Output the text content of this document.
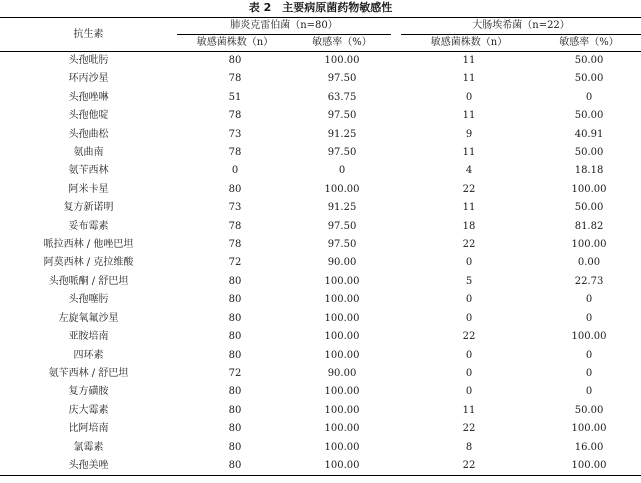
表 2　主要病原菌药物敏感性
抗生素	肺炎克雷伯菌（n=80）			大肠埃希菌（n=22）	
	敏感菌株数（n）	敏感率（%）		敏感菌株数（n）	敏感率（%）
头孢吡肟	80	100.00		11	50.00
环丙沙星	78	97.50		11	50.00
头孢唑啉	51	63.75		0	0
头孢他啶	78	97.50		11	50.00
头孢曲松	73	91.25		9	40.91
氨曲南	78	97.50		11	50.00
氨苄西林	0	0		4	18.18
阿米卡星	80	100.00		22	100.00
复方新诺明	73	91.25		11	50.00
妥布霉素	78	97.50		18	81.82
哌拉西林 / 他唑巴坦	78	97.50		22	100.00
阿莫西林 / 克拉维酸	72	90.00		0	0.00
头孢哌酮 / 舒巴坦	80	100.00		5	22.73
头孢噻肟	80	100.00		0	0
左旋氧氟沙星	80	100.00		0	0
亚胺培南	80	100.00		22	100.00
四环素	80	100.00		0	0
氨苄西林 / 舒巴坦	72	90.00		0	0
复方磺胺	80	100.00		0	0
庆大霉素	80	100.00		11	50.00
比阿培南	80	100.00		22	100.00
氯霉素	80	100.00		8	16.00
头孢美唑	80	100.00		22	100.00
